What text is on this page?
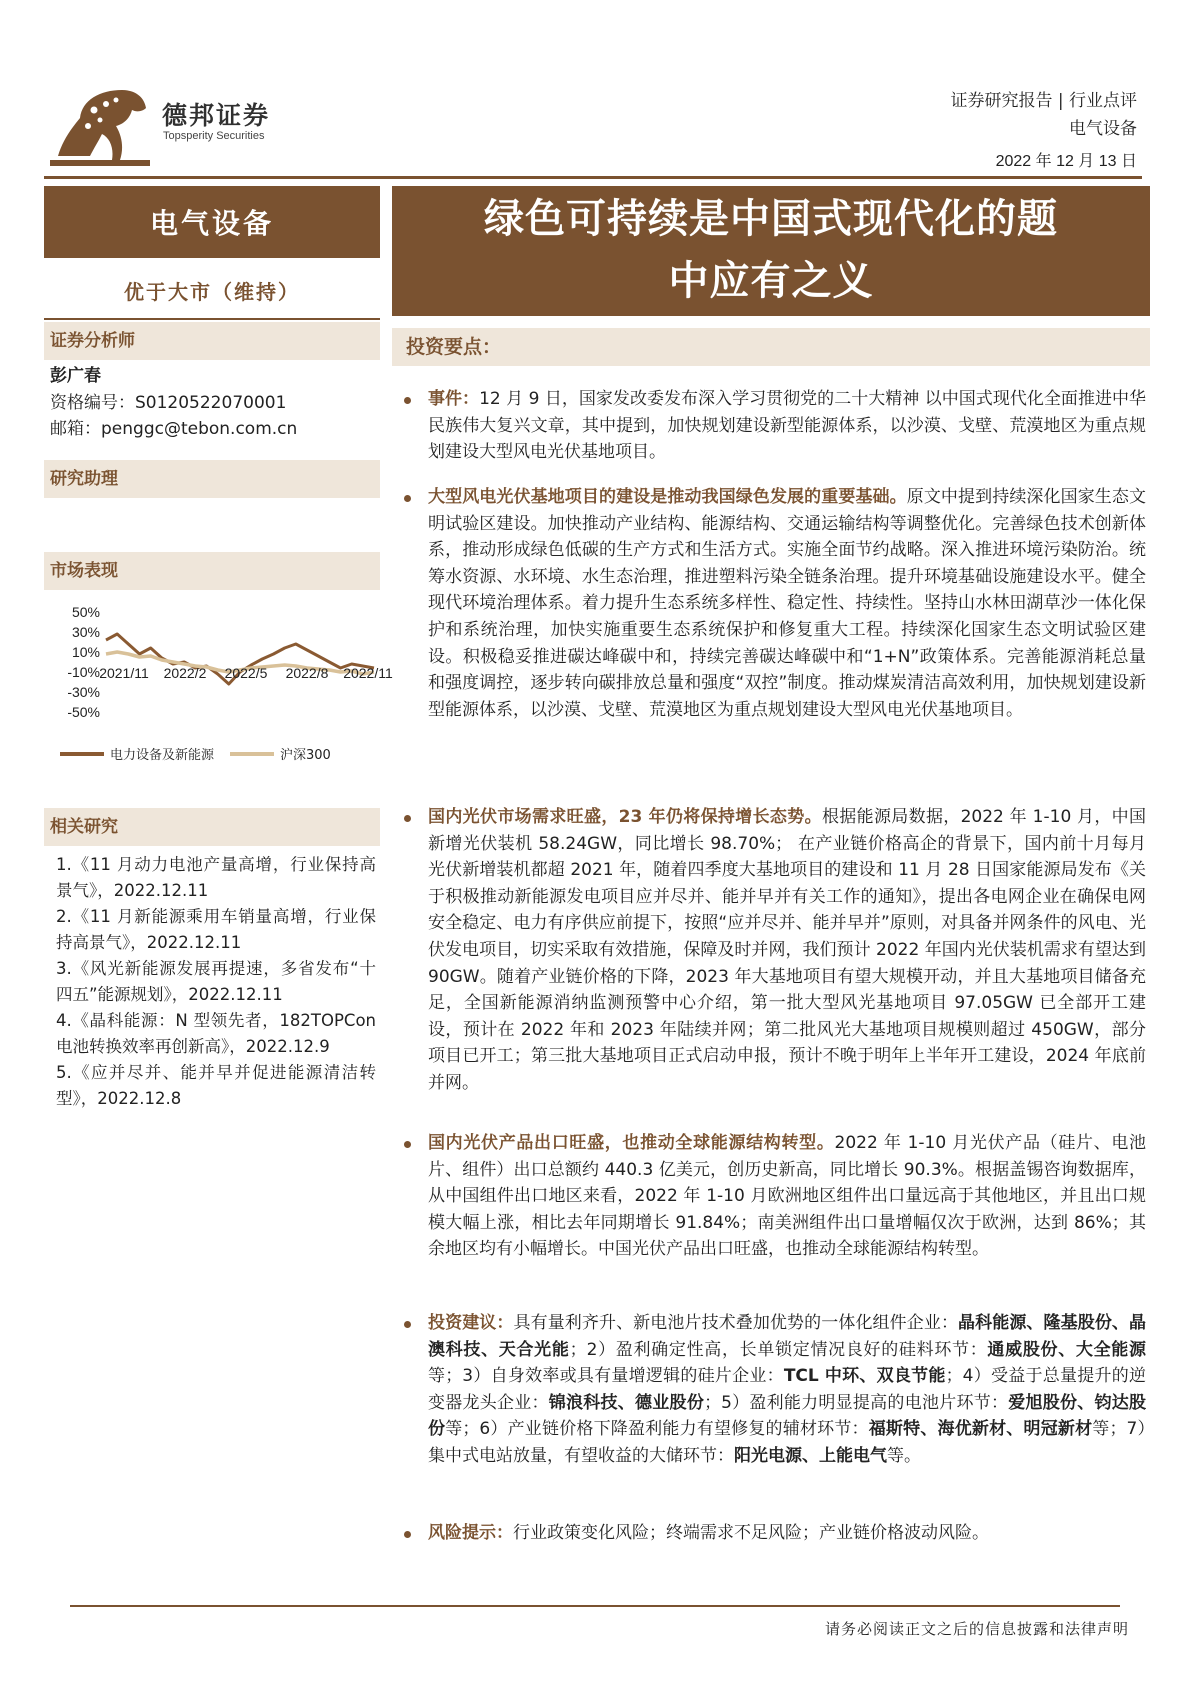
德邦证券
Topsperity Securities
证券研究报告 | 行业点评
电气设备
2022 年 12 月 13 日
电气设备
优于大市（维持）
证券分析师
彭广春
资格编号：S0120522070001
邮箱：penggc@tebon.com.cn
研究助理
市场表现
50%
30%
10%
-10%
-30%
-50%
2021/11 2022/2 2022/5 2022/8 2022/11
电力设备及新能源	沪深300
相关研究
1.《11 月动力电池产量高增，行业保持高景气》，2022.12.11
2.《11 月新能源乘用车销量高增，行业保持高景气》，2022.12.11
3.《风光新能源发展再提速，多省发布“十四五”能源规划》，2022.12.11
4.《晶科能源：N 型领先者，182TOPCon 电池转换效率再创新高》，2022.12.9
5.《应并尽并、能并早并促进能源清洁转型》，2022.12.8
绿色可持续是中国式现代化的题
中应有之义
投资要点：
事件：12 月 9 日，国家发改委发布深入学习贯彻党的二十大精神 以中国式现代化全面推进中华民族伟大复兴文章，其中提到，加快规划建设新型能源体系，以沙漠、戈壁、荒漠地区为重点规划建设大型风电光伏基地项目。
大型风电光伏基地项目的建设是推动我国绿色发展的重要基础。原文中提到持续深化国家生态文明试验区建设。加快推动产业结构、能源结构、交通运输结构等调整优化。完善绿色技术创新体系，推动形成绿色低碳的生产方式和生活方式。实施全面节约战略。深入推进环境污染防治。统筹水资源、水环境、水生态治理，推进塑料污染全链条治理。提升环境基础设施建设水平。健全现代环境治理体系。着力提升生态系统多样性、稳定性、持续性。坚持山水林田湖草沙一体化保护和系统治理，加快实施重要生态系统保护和修复重大工程。持续深化国家生态文明试验区建设。积极稳妥推进碳达峰碳中和，持续完善碳达峰碳中和“1+N”政策体系。完善能源消耗总量和强度调控，逐步转向碳排放总量和强度“双控”制度。推动煤炭清洁高效利用，加快规划建设新型能源体系，以沙漠、戈壁、荒漠地区为重点规划建设大型风电光伏基地项目。
国内光伏市场需求旺盛，23 年仍将保持增长态势。根据能源局数据，2022 年 1-10 月，中国新增光伏装机 58.24GW，同比增长 98.70%； 在产业链价格高企的背景下，国内前十月每月光伏新增装机都超 2021 年，随着四季度大基地项目的建设和 11 月 28 日国家能源局发布《关于积极推动新能源发电项目应并尽并、能并早并有关工作的通知》，提出各电网企业在确保电网安全稳定、电力有序供应前提下，按照“应并尽并、能并早并”原则，对具备并网条件的风电、光伏发电项目，切实采取有效措施，保障及时并网，我们预计 2022 年国内光伏装机需求有望达到 90GW。随着产业链价格的下降，2023 年大基地项目有望大规模开动，并且大基地项目储备充足，全国新能源消纳监测预警中心介绍，第一批大型风光基地项目 97.05GW 已全部开工建设，预计在 2022 年和 2023 年陆续并网；第二批风光大基地项目规模则超过 450GW，部分项目已开工；第三批大基地项目正式启动申报，预计不晚于明年上半年开工建设，2024 年底前并网。
国内光伏产品出口旺盛，也推动全球能源结构转型。2022 年 1-10 月光伏产品（硅片、电池片、组件）出口总额约 440.3 亿美元，创历史新高，同比增长 90.3%。根据盖锡咨询数据库，从中国组件出口地区来看，2022 年 1-10 月欧洲地区组件出口量远高于其他地区，并且出口规模大幅上涨，相比去年同期增长 91.84%；南美洲组件出口量增幅仅次于欧洲，达到 86%；其余地区均有小幅增长。中国光伏产品出口旺盛，也推动全球能源结构转型。
投资建议：具有量利齐升、新电池片技术叠加优势的一体化组件企业：晶科能源、隆基股份、晶澳科技、天合光能；2）盈利确定性高，长单锁定情况良好的硅料环节：通威股份、大全能源等；3）自身效率或具有量增逻辑的硅片企业：TCL 中环、双良节能；4）受益于总量提升的逆变器龙头企业：锦浪科技、德业股份；5）盈利能力明显提高的电池片环节：爱旭股份、钧达股份等；6）产业链价格下降盈利能力有望修复的辅材环节：福斯特、海优新材、明冠新材等；7）集中式电站放量，有望收益的大储环节：阳光电源、上能电气等。
风险提示：行业政策变化风险；终端需求不足风险；产业链价格波动风险。
请务必阅读正文之后的信息披露和法律声明
